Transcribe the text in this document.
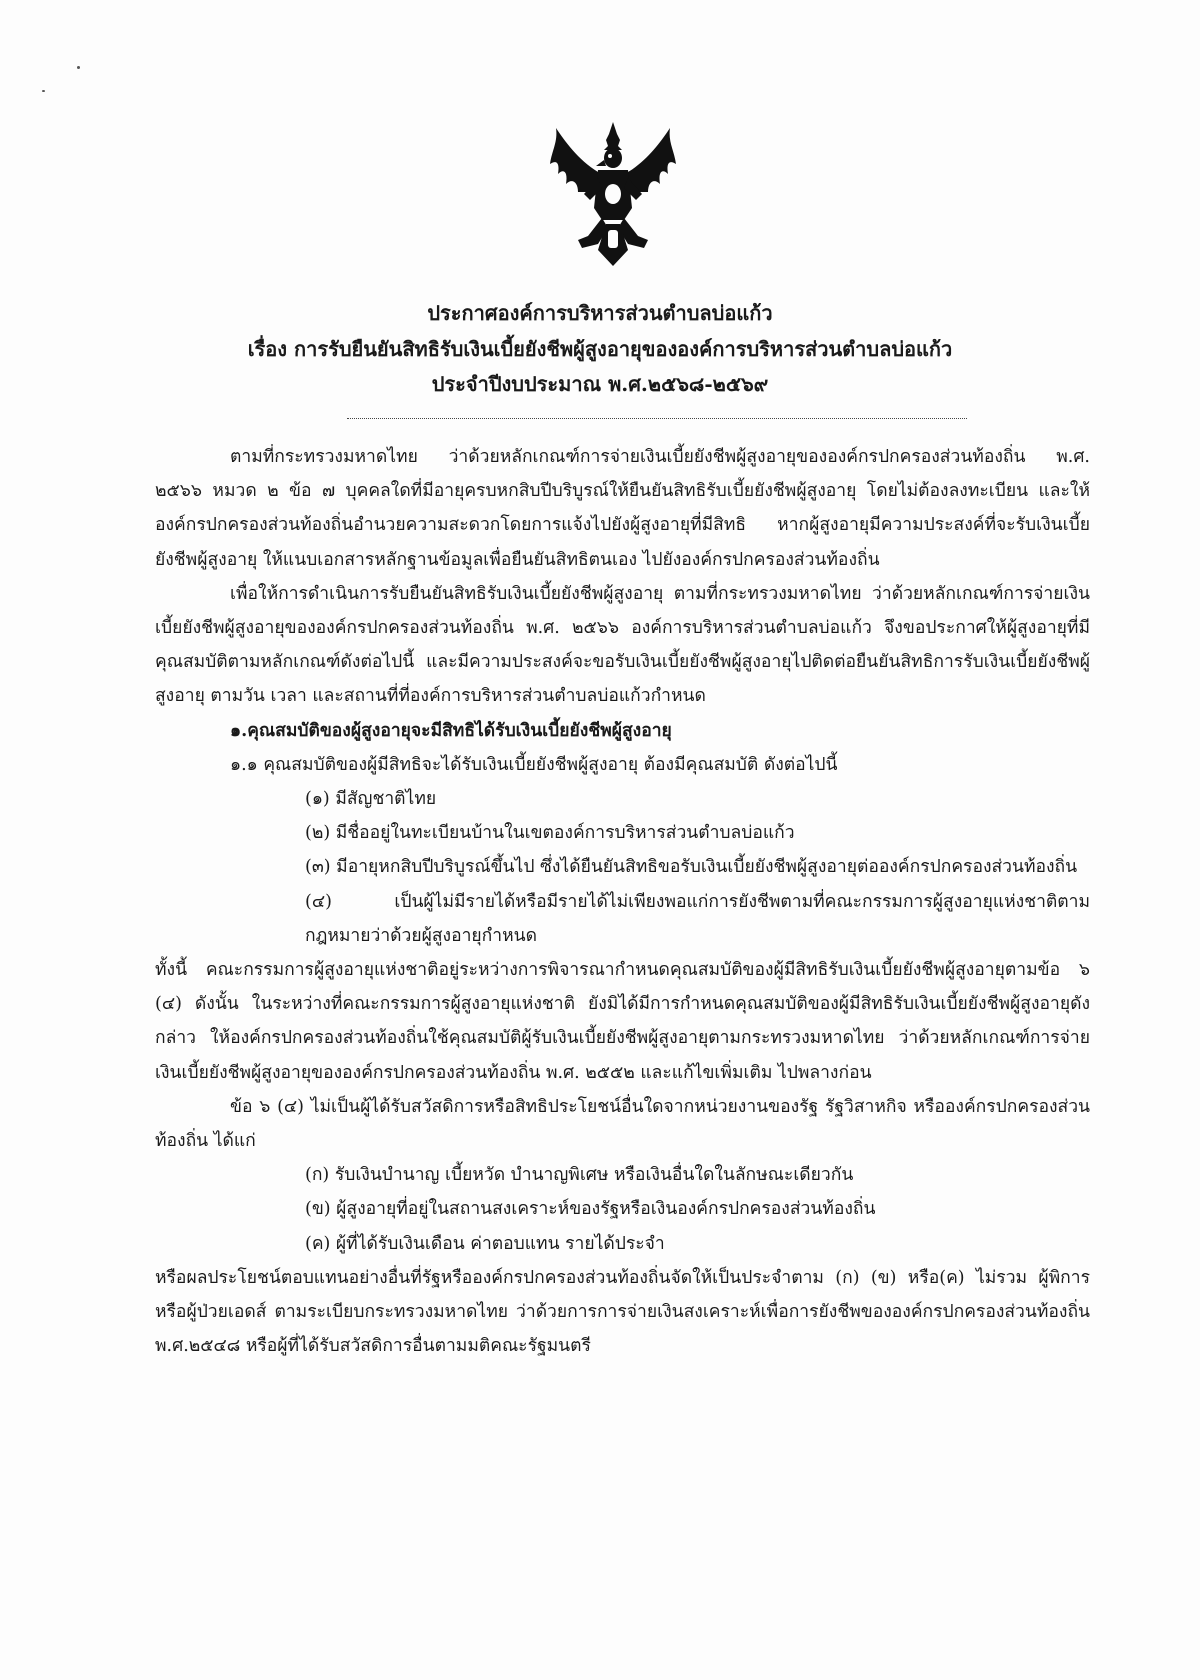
ประกาศองค์การบริหารส่วนตำบลบ่อแก้ว
เรื่อง การรับยืนยันสิทธิรับเงินเบี้ยยังชีพผู้สูงอายุขององค์การบริหารส่วนตำบลบ่อแก้ว
ประจำปีงบประมาณ พ.ศ.๒๕๖๘-๒๕๖๙

ตามที่กระทรวงมหาดไทย ว่าด้วยหลักเกณฑ์การจ่ายเงินเบี้ยยังชีพผู้สูงอายุขององค์กรปกครองส่วนท้องถิ่น พ.ศ. ๒๕๖๖ หมวด ๒ ข้อ ๗ บุคคลใดที่มีอายุครบหกสิบปีบริบูรณ์ให้ยืนยันสิทธิรับเบี้ยยังชีพผู้สูงอายุ โดยไม่ต้องลงทะเบียน และให้องค์กรปกครองส่วนท้องถิ่นอำนวยความสะดวกโดยการแจ้งไปยังผู้สูงอายุที่มีสิทธิ หากผู้สูงอายุมีความประสงค์ที่จะรับเงินเบี้ยยังชีพผู้สูงอายุ ให้แนบเอกสารหลักฐานข้อมูลเพื่อยืนยันสิทธิตนเอง ไปยังองค์กรปกครองส่วนท้องถิ่น

เพื่อให้การดำเนินการรับยืนยันสิทธิรับเงินเบี้ยยังชีพผู้สูงอายุ ตามที่กระทรวงมหาดไทย ว่าด้วยหลักเกณฑ์การจ่ายเงินเบี้ยยังชีพผู้สูงอายุขององค์กรปกครองส่วนท้องถิ่น พ.ศ. ๒๕๖๖ องค์การบริหารส่วนตำบลบ่อแก้ว จึงขอประกาศให้ผู้สูงอายุที่มีคุณสมบัติตามหลักเกณฑ์ดังต่อไปนี้ และมีความประสงค์จะขอรับเงินเบี้ยยังชีพผู้สูงอายุไปติดต่อยืนยันสิทธิการรับเงินเบี้ยยังชีพผู้สูงอายุ ตามวัน เวลา และสถานที่ที่องค์การบริหารส่วนตำบลบ่อแก้วกำหนด

๑.คุณสมบัติของผู้สูงอายุจะมีสิทธิได้รับเงินเบี้ยยังชีพผู้สูงอายุ

๑.๑ คุณสมบัติของผู้มีสิทธิจะได้รับเงินเบี้ยยังชีพผู้สูงอายุ ต้องมีคุณสมบัติ ดังต่อไปนี้

(๑) มีสัญชาติไทย

(๒) มีชื่ออยู่ในทะเบียนบ้านในเขตองค์การบริหารส่วนตำบลบ่อแก้ว

(๓) มีอายุหกสิบปีบริบูรณ์ขึ้นไป ซึ่งได้ยืนยันสิทธิขอรับเงินเบี้ยยังชีพผู้สูงอายุต่อองค์กรปกครองส่วนท้องถิ่น

(๔) เป็นผู้ไม่มีรายได้หรือมีรายได้ไม่เพียงพอแก่การยังชีพตามที่คณะกรรมการผู้สูงอายุแห่งชาติตามกฎหมายว่าด้วยผู้สูงอายุกำหนด

ทั้งนี้ คณะกรรมการผู้สูงอายุแห่งชาติอยู่ระหว่างการพิจารณากำหนดคุณสมบัติของผู้มีสิทธิรับเงินเบี้ยยังชีพผู้สูงอายุตามข้อ ๖ (๔) ดังนั้น ในระหว่างที่คณะกรรมการผู้สูงอายุแห่งชาติ ยังมิได้มีการกำหนดคุณสมบัติของผู้มีสิทธิรับเงินเบี้ยยังชีพผู้สูงอายุดังกล่าว ให้องค์กรปกครองส่วนท้องถิ่นใช้คุณสมบัติผู้รับเงินเบี้ยยังชีพผู้สูงอายุตามกระทรวงมหาดไทย ว่าด้วยหลักเกณฑ์การจ่ายเงินเบี้ยยังชีพผู้สูงอายุขององค์กรปกครองส่วนท้องถิ่น พ.ศ. ๒๕๕๒ และแก้ไขเพิ่มเติม ไปพลางก่อน

ข้อ ๖ (๔) ไม่เป็นผู้ได้รับสวัสดิการหรือสิทธิประโยชน์อื่นใดจากหน่วยงานของรัฐ รัฐวิสาหกิจ หรือองค์กรปกครองส่วนท้องถิ่น ได้แก่

(ก) รับเงินบำนาญ เบี้ยหวัด บำนาญพิเศษ หรือเงินอื่นใดในลักษณะเดียวกัน

(ข) ผู้สูงอายุที่อยู่ในสถานสงเคราะห์ของรัฐหรือเงินองค์กรปกครองส่วนท้องถิ่น

(ค) ผู้ที่ได้รับเงินเดือน ค่าตอบแทน รายได้ประจำ

หรือผลประโยชน์ตอบแทนอย่างอื่นที่รัฐหรือองค์กรปกครองส่วนท้องถิ่นจัดให้เป็นประจำตาม (ก) (ข) หรือ(ค) ไม่รวม ผู้พิการหรือผู้ป่วยเอดส์ ตามระเบียบกระทรวงมหาดไทย ว่าด้วยการการจ่ายเงินสงเคราะห์เพื่อการยังชีพขององค์กรปกครองส่วนท้องถิ่น พ.ศ.๒๕๔๘ หรือผู้ที่ได้รับสวัสดิการอื่นตามมติคณะรัฐมนตรี
